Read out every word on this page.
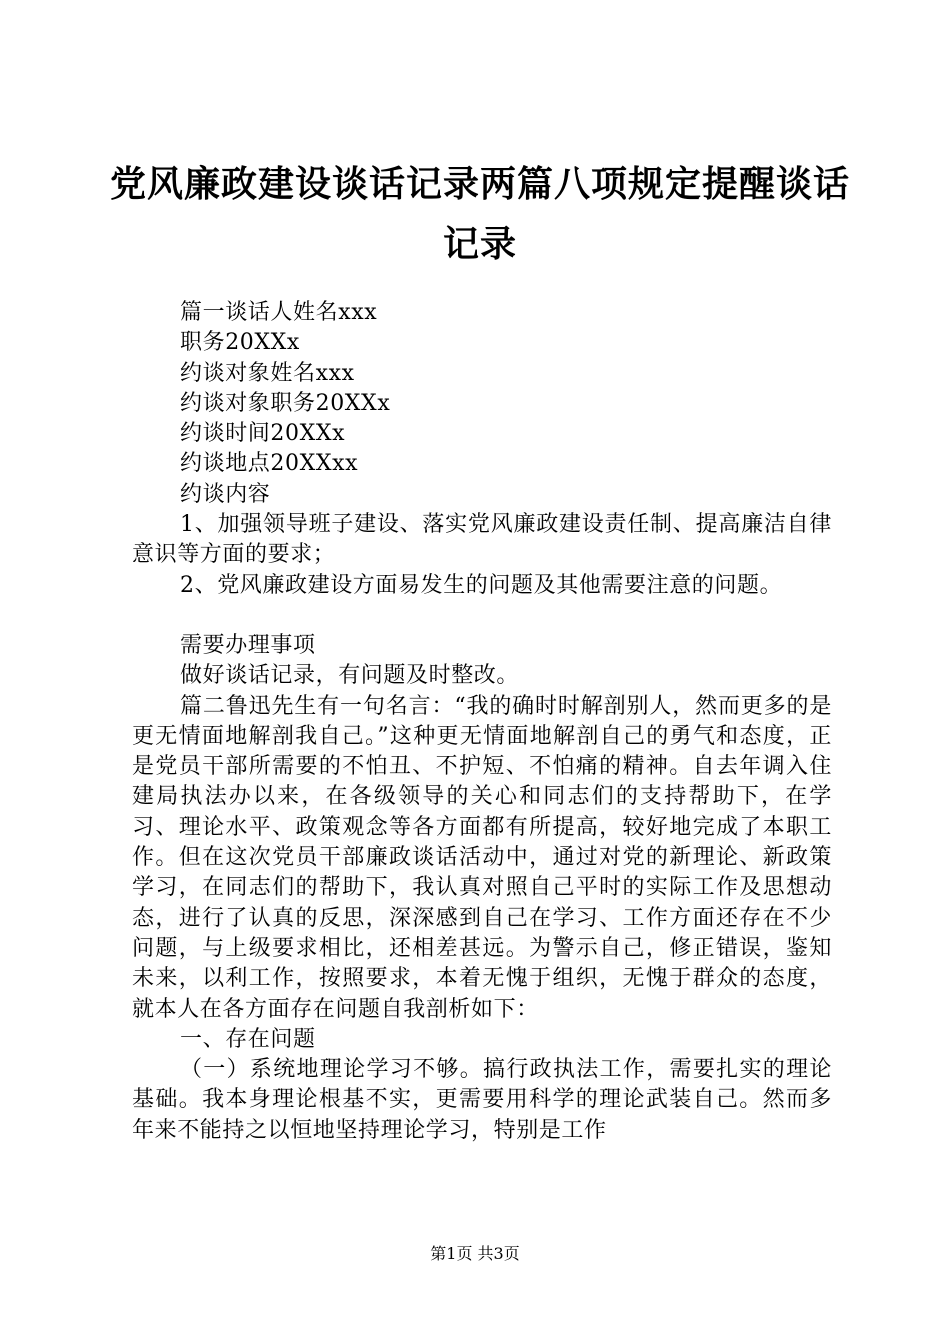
党风廉政建设谈话记录两篇八项规定提醒谈话
记录

篇一谈话人姓名xxx

职务20XXx

约谈对象姓名xxx

约谈对象职务20XXx

约谈时间20XXx

约谈地点20XXxx

约谈内容

1、加强领导班子建设、落实党风廉政建设责任制、提高廉洁自律意识等方面的要求；

2、党风廉政建设方面易发生的问题及其他需要注意的问题。

需要办理事项

做好谈话记录，有问题及时整改。

篇二鲁迅先生有一句名言：“我的确时时解剖别人，然而更多的是更无情面地解剖我自己。”这种更无情面地解剖自己的勇气和态度，正是党员干部所需要的不怕丑、不护短、不怕痛的精神。自去年调入住建局执法办以来，在各级领导的关心和同志们的支持帮助下，在学习、理论水平、政策观念等各方面都有所提高，较好地完成了本职工作。但在这次党员干部廉政谈话活动中，通过对党的新理论、新政策学习，在同志们的帮助下，我认真对照自己平时的实际工作及思想动态，进行了认真的反思，深深感到自己在学习、工作方面还存在不少问题，与上级要求相比，还相差甚远。为警示自己，修正错误，鉴知未来，以利工作，按照要求，本着无愧于组织，无愧于群众的态度，就本人在各方面存在问题自我剖析如下：

一、存在问题

（一）系统地理论学习不够。搞行政执法工作，需要扎实的理论基础。我本身理论根基不实，更需要用科学的理论武装自己。然而多年来不能持之以恒地坚持理论学习，特别是工作

第1页 共3页
